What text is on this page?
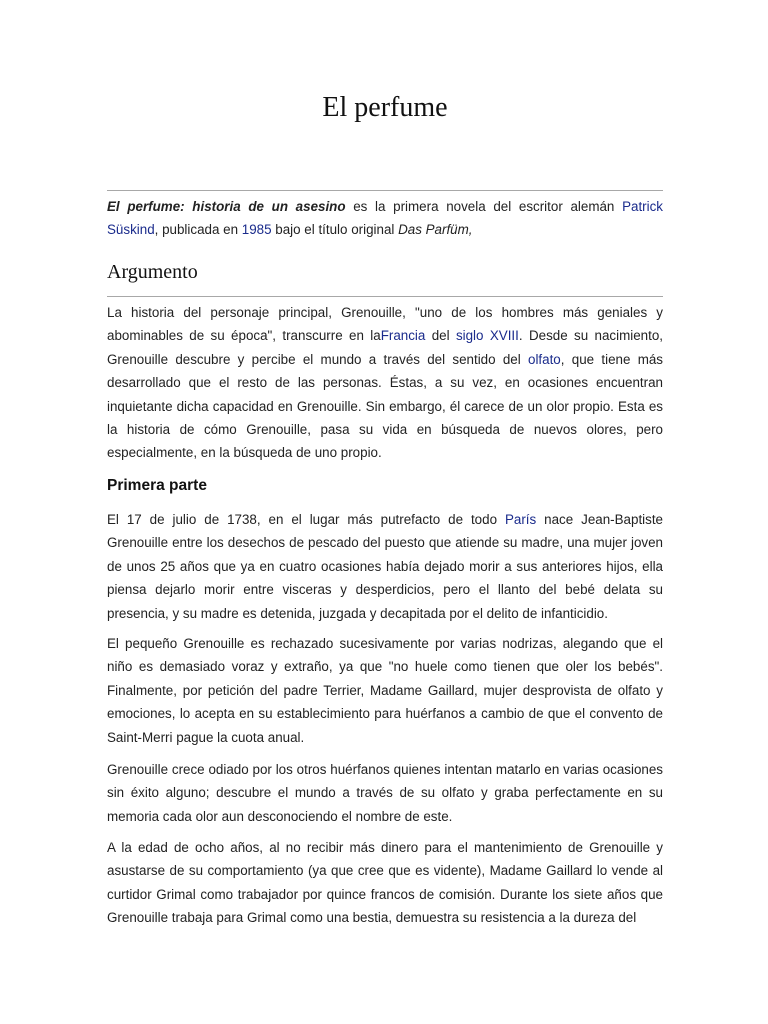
El perfume

El perfume: historia de un asesino es la primera novela del escritor alemán Patrick Süskind, publicada en 1985 bajo el título original Das Parfüm,

Argumento

La historia del personaje principal, Grenouille, "uno de los hombres más geniales y abominables de su época", transcurre en laFrancia del siglo XVIII. Desde su nacimiento, Grenouille descubre y percibe el mundo a través del sentido del olfato, que tiene más desarrollado que el resto de las personas. Éstas, a su vez, en ocasiones encuentran inquietante dicha capacidad en Grenouille. Sin embargo, él carece de un olor propio. Esta es la historia de cómo Grenouille, pasa su vida en búsqueda de nuevos olores, pero especialmente, en la búsqueda de uno propio.

Primera parte

El 17 de julio de 1738, en el lugar más putrefacto de todo París nace Jean-Baptiste Grenouille entre los desechos de pescado del puesto que atiende su madre, una mujer joven de unos 25 años que ya en cuatro ocasiones había dejado morir a sus anteriores hijos, ella piensa dejarlo morir entre visceras y desperdicios, pero el llanto del bebé delata su presencia, y su madre es detenida, juzgada y decapitada por el delito de infanticidio.

El pequeño Grenouille es rechazado sucesivamente por varias nodrizas, alegando que el niño es demasiado voraz y extraño, ya que "no huele como tienen que oler los bebés". Finalmente, por petición del padre Terrier, Madame Gaillard, mujer desprovista de olfato y emociones, lo acepta en su establecimiento para huérfanos a cambio de que el convento de Saint-Merri pague la cuota anual.

Grenouille crece odiado por los otros huérfanos quienes intentan matarlo en varias ocasiones sin éxito alguno; descubre el mundo a través de su olfato y graba perfectamente en su memoria cada olor aun desconociendo el nombre de este.

A la edad de ocho años, al no recibir más dinero para el mantenimiento de Grenouille y asustarse de su comportamiento (ya que cree que es vidente), Madame Gaillard lo vende al curtidor Grimal como trabajador por quince francos de comisión. Durante los siete años que Grenouille trabaja para Grimal como una bestia, demuestra su resistencia a la dureza del
